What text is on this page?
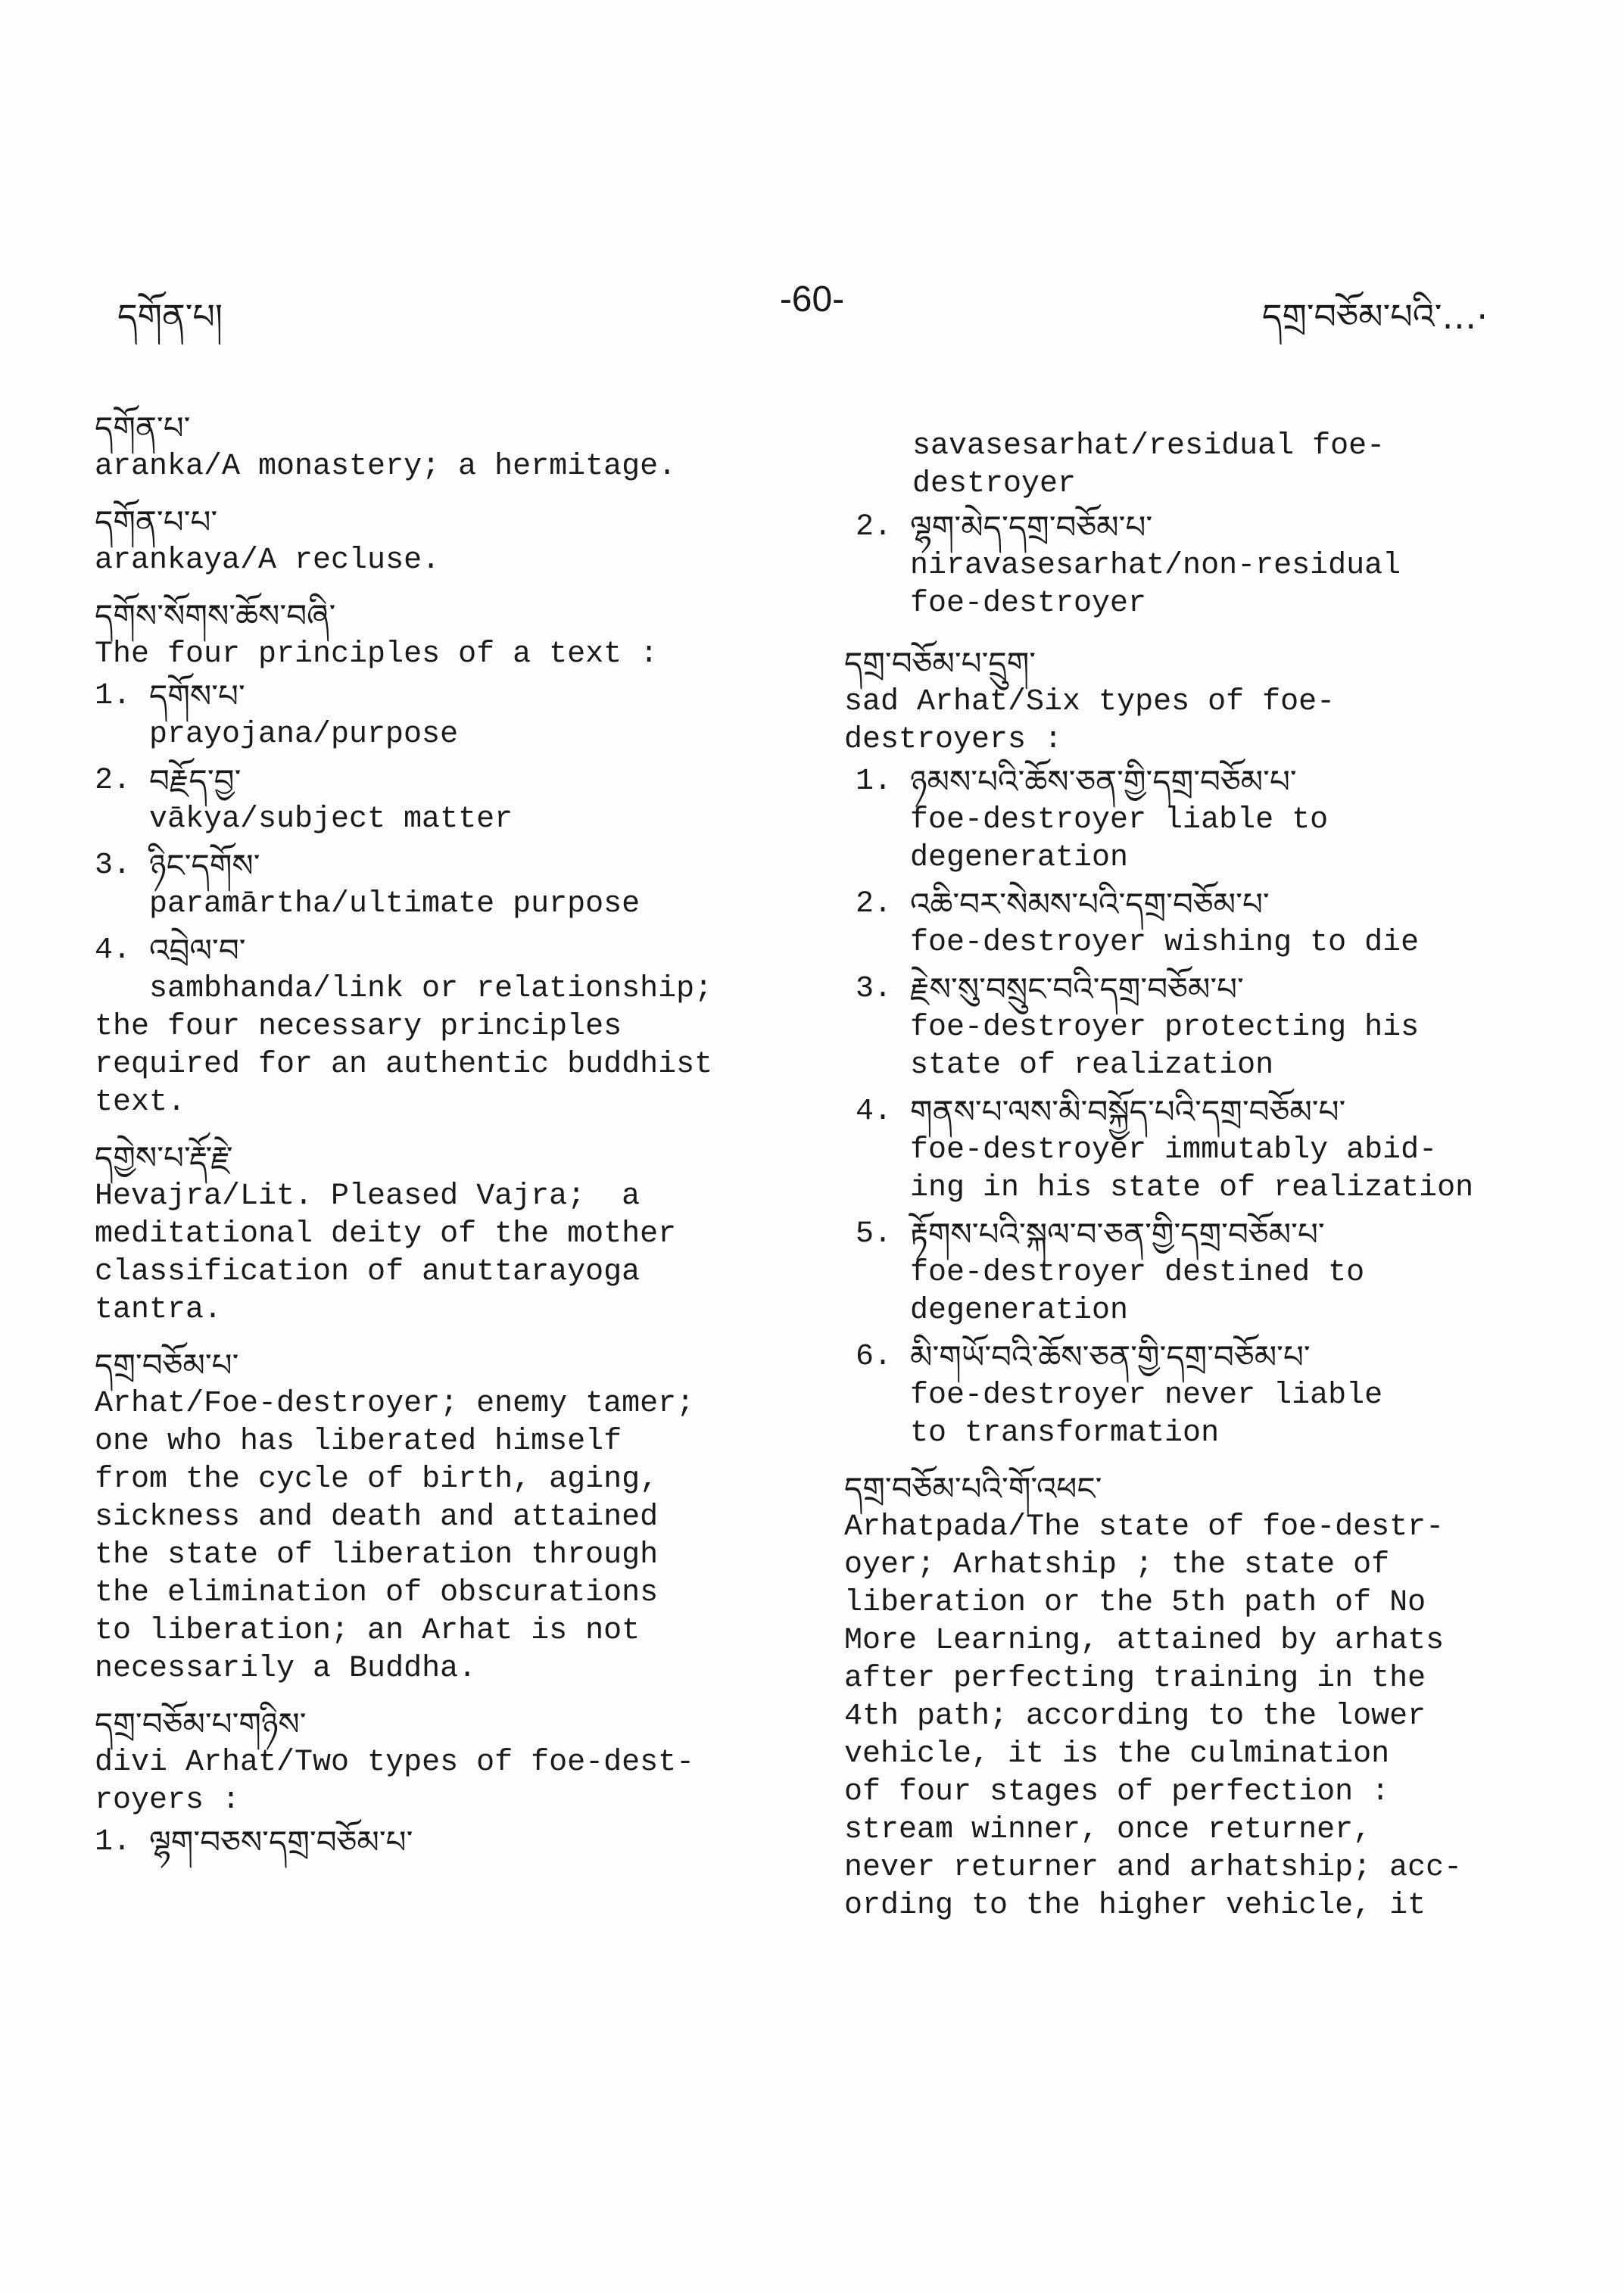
དགོན་པ།	-60-	དགྲ་བཅོམ་པའི་…·
དགོན་པ་
aranka/A monastery; a hermitage.
དགོན་པ་པ་
arankaya/A recluse.
དགོས་སོགས་ཆོས་བཞི་
The four principles of a text :
1. དགོས་པ་
prayojana/purpose
2. བརྗོད་བྱ་
vākya/subject matter
3. ཉིང་དགོས་
paramārtha/ultimate purpose
4. འབྲེལ་བ་
sambhanda/link or relationship;
the four necessary principles
required for an authentic buddhist
text.
དགྱེས་པ་རྡོ་རྗེ་
Hevajra/Lit. Pleased Vajra;  a
meditational deity of the mother
classification of anuttarayoga
tantra.
དགྲ་བཅོམ་པ་
Arhat/Foe-destroyer; enemy tamer;
one who has liberated himself
from the cycle of birth, aging,
sickness and death and attained
the state of liberation through
the elimination of obscurations
to liberation; an Arhat is not
necessarily a Buddha.
དགྲ་བཅོམ་པ་གཉིས་
divi Arhat/Two types of foe-dest-
royers :
1. ལྷག་བཅས་དགྲ་བཅོམ་པ་
savasesarhat/residual foe-
destroyer
2. ལྷག་མེད་དགྲ་བཅོམ་པ་
niravasesarhat/non-residual
foe-destroyer
དགྲ་བཅོམ་པ་དྲུག་
sad Arhat/Six types of foe-
destroyers :
1. ཉམས་པའི་ཆོས་ཅན་གྱི་དགྲ་བཅོམ་པ་
foe-destroyer liable to
degeneration
2. འཆི་བར་སེམས་པའི་དགྲ་བཅོམ་པ་
foe-destroyer wishing to die
3. རྗེས་སུ་བསྲུང་བའི་དགྲ་བཅོམ་པ་
foe-destroyer protecting his
state of realization
4. གནས་པ་ལས་མི་བསྐྱོད་པའི་དགྲ་བཅོམ་པ་
foe-destroyer immutably abid-
ing in his state of realization
5. རྟོགས་པའི་སྐལ་བ་ཅན་གྱི་དགྲ་བཅོམ་པ་
foe-destroyer destined to
degeneration
6. མི་གཡོ་བའི་ཆོས་ཅན་གྱི་དགྲ་བཅོམ་པ་
foe-destroyer never liable
to transformation
དགྲ་བཅོམ་པའི་གོ་འཕང་
Arhatpada/The state of foe-destr-
oyer; Arhatship ; the state of
liberation or the 5th path of No
More Learning, attained by arhats
after perfecting training in the
4th path; according to the lower
vehicle, it is the culmination
of four stages of perfection :
stream winner, once returner,
never returner and arhatship; acc-
ording to the higher vehicle, it
